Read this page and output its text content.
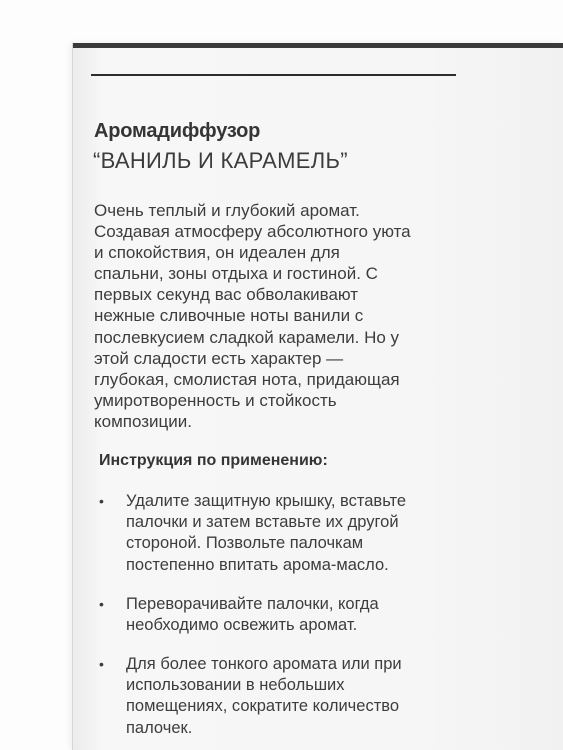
Аромадиффузор
“ВАНИЛЬ И КАРАМЕЛЬ”
Очень теплый и глубокий аромат.
Создавая атмосферу абсолютного уюта
и спокойствия, он идеален для
спальни, зоны отдыха и гостиной. С
первых секунд вас обволакивают
нежные сливочные ноты ванили с
послевкусием сладкой карамели. Но у
этой сладости есть характер —
глубокая, смолистая нота, придающая
умиротворенность и стойкость
композиции.
Инструкция по применению:
• Удалите защитную крышку, вставьте
палочки и затем вставьте их другой
стороной. Позвольте палочкам
постепенно впитать арома-масло.
• Переворачивайте палочки, когда
необходимо освежить аромат.
• Для более тонкого аромата или при
использовании в небольших
помещениях, сократите количество
палочек.
